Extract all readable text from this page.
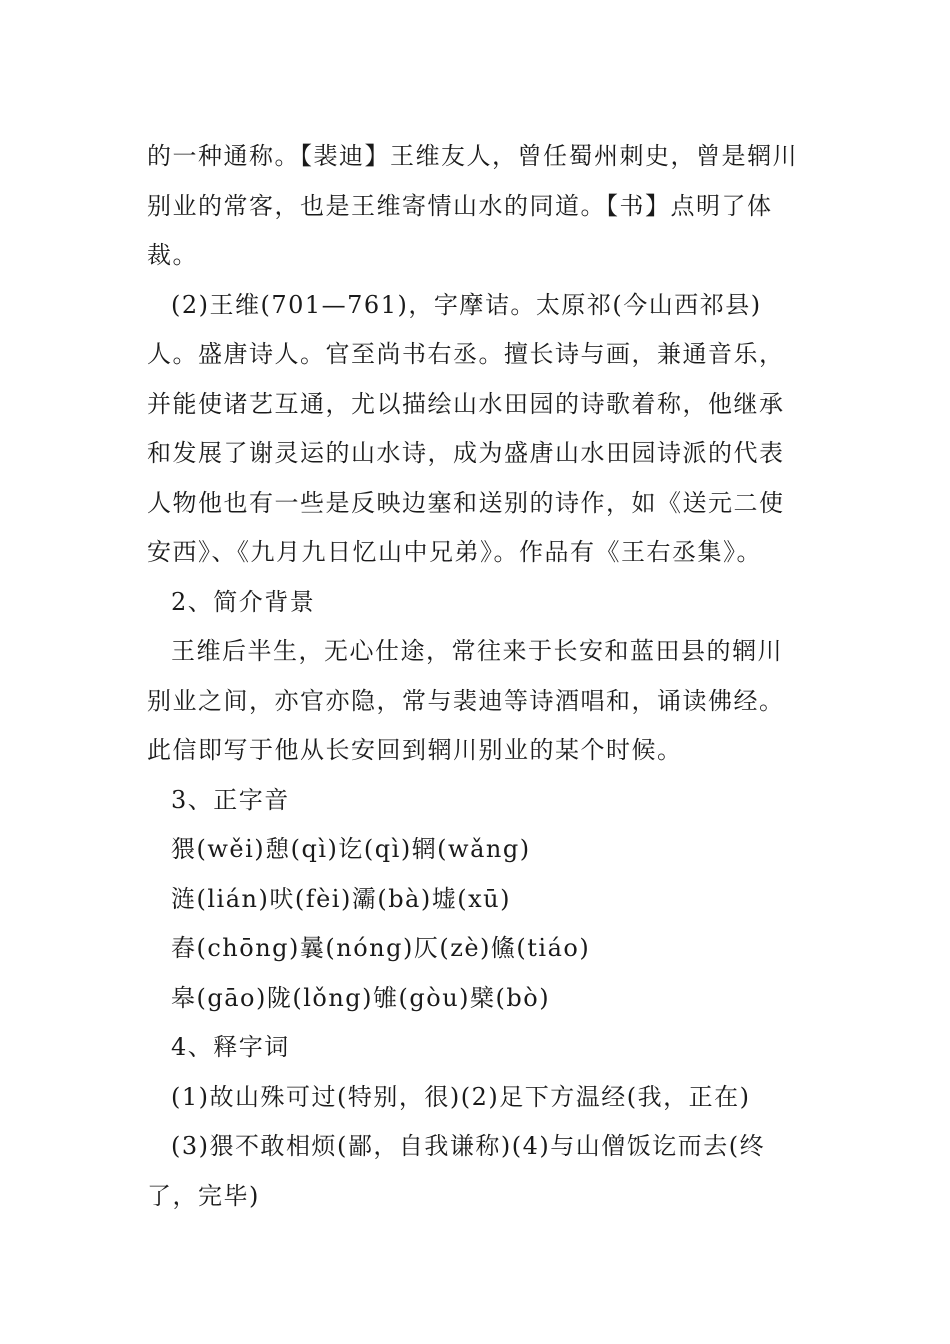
的一种通称。【裴迪】王维友人，曾任蜀州刺史，曾是辋川别业的常客，也是王维寄情山水的同道。【书】点明了体裁。

(2)王维(701—761)，字摩诘。太原祁(今山西祁县)人。盛唐诗人。官至尚书右丞。擅长诗与画，兼通音乐，并能使诸艺互通，尤以描绘山水田园的诗歌着称，他继承和发展了谢灵运的山水诗，成为盛唐山水田园诗派的代表人物他也有一些是反映边塞和送别的诗作，如《送元二使安西》、《九月九日忆山中兄弟》。作品有《王右丞集》。

2、简介背景

王维后半生，无心仕途，常往来于长安和蓝田县的辋川别业之间，亦官亦隐，常与裴迪等诗酒唱和，诵读佛经。此信即写于他从长安回到辋川别业的某个时候。

3、正字音

猥(wěi)憩(qì)讫(qì)辋(wǎng)

涟(lián)吠(fèi)灞(bà)墟(xū)

舂(chōng)曩(nóng)仄(zè)鯈(tiáo)

皋(gāo)陇(lǒng)雊(gòu)檗(bò)

4、释字词

(1)故山殊可过(特别，很)(2)足下方温经(我，正在)

(3)猥不敢相烦(鄙，自我谦称)(4)与山僧饭讫而去(终了，完毕)
